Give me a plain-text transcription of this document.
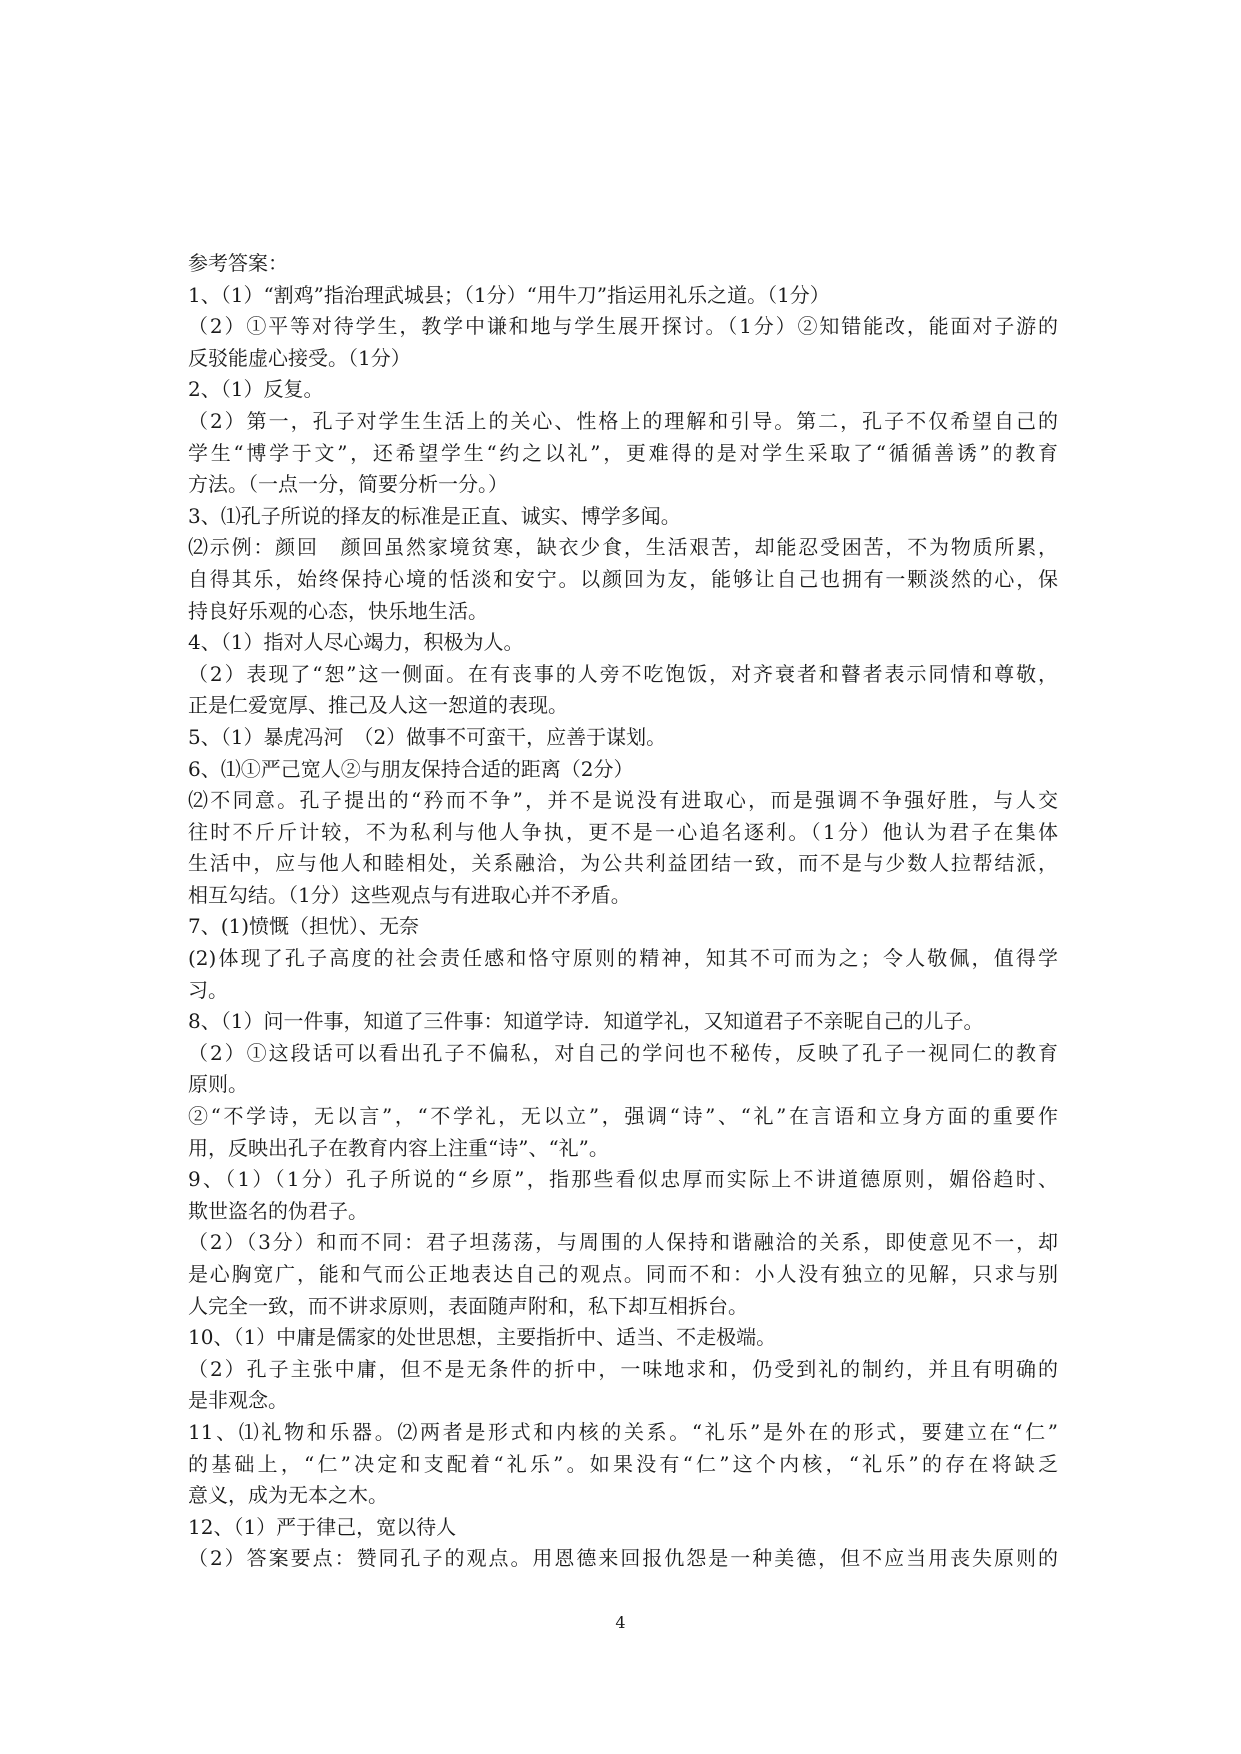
参考答案：
1、（1）“割鸡”指治理武城县；（1分）“用牛刀”指运用礼乐之道。（1分）
（2）①平等对待学生，教学中谦和地与学生展开探讨。（1分）②知错能改，能面对子游的
反驳能虚心接受。（1分）
2、（1）反复。
（2）第一，孔子对学生生活上的关心、性格上的理解和引导。第二，孔子不仅希望自己的
学生“博学于文”，还希望学生“约之以礼”，更难得的是对学生采取了“循循善诱”的教育
方法。（一点一分，简要分析一分。）
3、⑴孔子所说的择友的标准是正直、诚实、博学多闻。
⑵示例：颜回　颜回虽然家境贫寒，缺衣少食，生活艰苦，却能忍受困苦，不为物质所累，
自得其乐，始终保持心境的恬淡和安宁。以颜回为友，能够让自己也拥有一颗淡然的心，保
持良好乐观的心态，快乐地生活。
4、（1）指对人尽心竭力，积极为人。
（2）表现了“恕”这一侧面。在有丧事的人旁不吃饱饭，对齐衰者和瞽者表示同情和尊敬，
正是仁爱宽厚、推己及人这一恕道的表现。
5、（1）暴虎冯河　（2）做事不可蛮干，应善于谋划。
6、⑴①严己宽人②与朋友保持合适的距离（2分）
⑵不同意。孔子提出的“矜而不争”，并不是说没有进取心，而是强调不争强好胜，与人交
往时不斤斤计较，不为私利与他人争执，更不是一心追名逐利。（1分）他认为君子在集体
生活中，应与他人和睦相处，关系融洽，为公共利益团结一致，而不是与少数人拉帮结派，
相互勾结。（1分）这些观点与有进取心并不矛盾。
7、(1)愤慨（担忧）、无奈
(2)体现了孔子高度的社会责任感和恪守原则的精神，知其不可而为之；令人敬佩，值得学
习。
8、（1）问一件事，知道了三件事：知道学诗．知道学礼，又知道君子不亲昵自己的儿子。
（2）①这段话可以看出孔子不偏私，对自己的学问也不秘传，反映了孔子一视同仁的教育
原则。
②“不学诗，无以言”，“不学礼，无以立”，强调“诗”、“礼”在言语和立身方面的重要作
用，反映出孔子在教育内容上注重“诗”、“礼”。
9、（1）（1分）孔子所说的“乡原”，指那些看似忠厚而实际上不讲道德原则，媚俗趋时、
欺世盗名的伪君子。
（2）（3分）和而不同：君子坦荡荡，与周围的人保持和谐融洽的关系，即使意见不一，却
是心胸宽广，能和气而公正地表达自己的观点。同而不和：小人没有独立的见解，只求与别
人完全一致，而不讲求原则，表面随声附和，私下却互相拆台。
10、（1）中庸是儒家的处世思想，主要指折中、适当、不走极端。
（2）孔子主张中庸，但不是无条件的折中，一味地求和，仍受到礼的制约，并且有明确的
是非观念。
11、⑴礼物和乐器。⑵两者是形式和内核的关系。“礼乐”是外在的形式，要建立在“仁”
的基础上，“仁”决定和支配着“礼乐”。如果没有“仁”这个内核，“礼乐”的存在将缺乏
意义，成为无本之木。
12、（1）严于律己，宽以待人
（2）答案要点：赞同孔子的观点。用恩德来回报仇怨是一种美德，但不应当用丧失原则的
4
